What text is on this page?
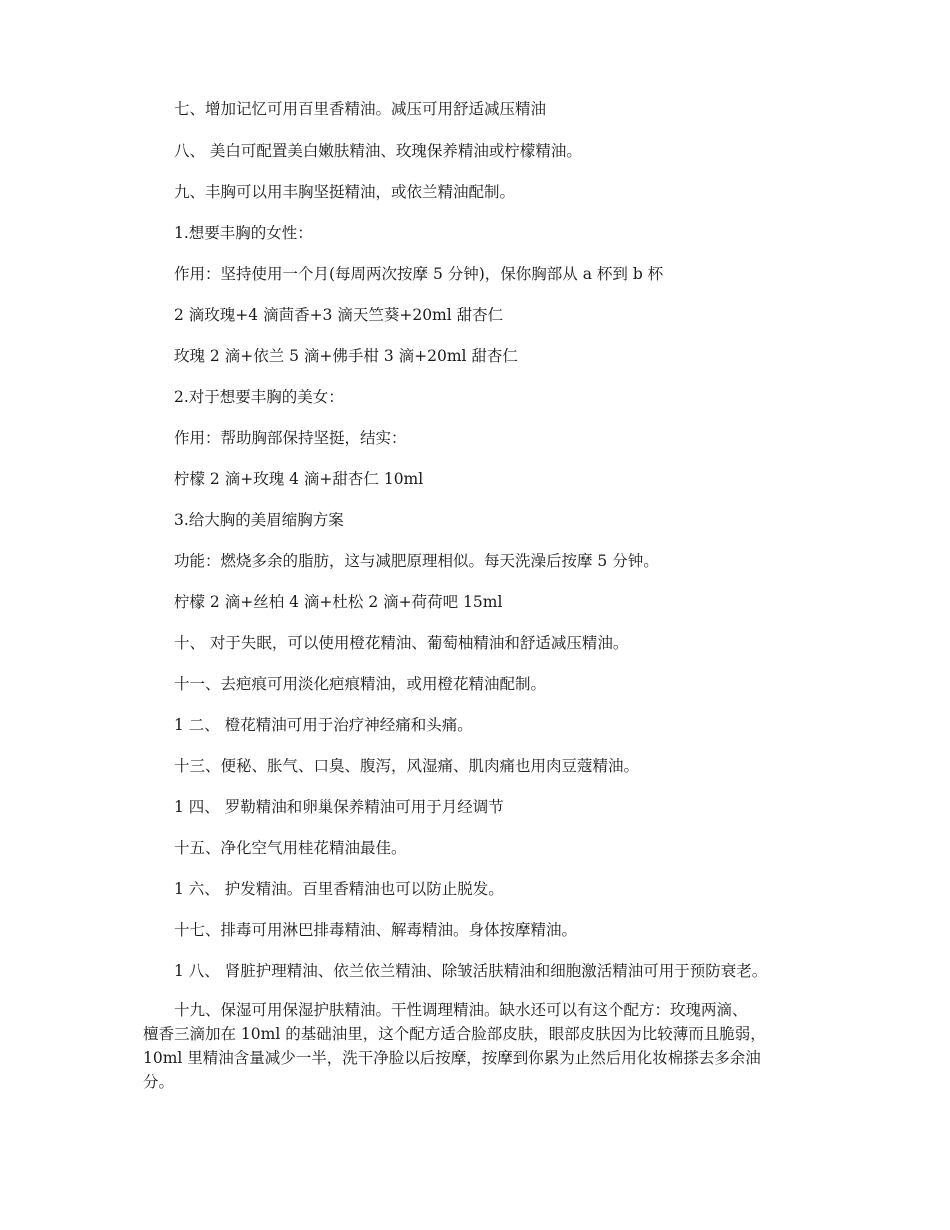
七、增加记忆可用百里香精油。减压可用舒适减压精油

八、 美白可配置美白嫩肤精油、玫瑰保养精油或柠檬精油。

九、丰胸可以用丰胸坚挺精油，或依兰精油配制。

1.想要丰胸的女性：

作用：坚持使用一个月(每周两次按摩 5 分钟)，保你胸部从 a 杯到 b 杯

2 滴玫瑰+4 滴茴香+3 滴天竺葵+20ml 甜杏仁

玫瑰 2 滴+依兰 5 滴+佛手柑 3 滴+20ml 甜杏仁

2.对于想要丰胸的美女：

作用：帮助胸部保持坚挺，结实：

柠檬 2 滴+玫瑰 4 滴+甜杏仁 10ml

3.给大胸的美眉缩胸方案

功能：燃烧多余的脂肪，这与减肥原理相似。每天洗澡后按摩 5 分钟。

柠檬 2 滴+丝柏 4 滴+杜松 2 滴+荷荷吧 15ml

十、 对于失眠，可以使用橙花精油、葡萄柚精油和舒适减压精油。

十一、去疤痕可用淡化疤痕精油，或用橙花精油配制。

1 二、 橙花精油可用于治疗神经痛和头痛。

十三、便秘、胀气、口臭、腹泻，风湿痛、肌肉痛也用肉豆蔻精油。

1 四、 罗勒精油和卵巢保养精油可用于月经调节

十五、净化空气用桂花精油最佳。

1 六、 护发精油。百里香精油也可以防止脱发。

十七、排毒可用淋巴排毒精油、解毒精油。身体按摩精油。

1 八、 肾脏护理精油、依兰依兰精油、除皱活肤精油和细胞激活精油可用于预防衰老。

十九、保湿可用保湿护肤精油。干性调理精油。缺水还可以有这个配方：玫瑰两滴、
檀香三滴加在 10ml 的基础油里，这个配方适合脸部皮肤，眼部皮肤因为比较薄而且脆弱，
10ml 里精油含量减少一半，洗干净脸以后按摩，按摩到你累为止然后用化妆棉搽去多余油
分。
